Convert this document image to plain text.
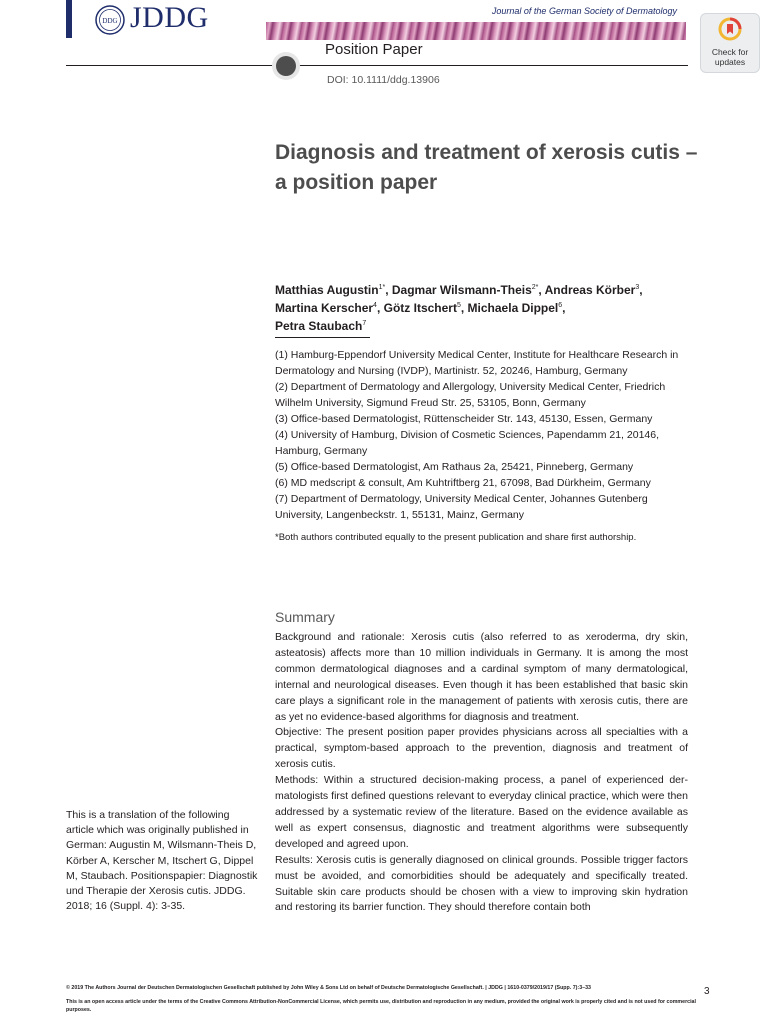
DDG JDDG	Journal of the German Society of Dermatology
Check for
updates
Position Paper
DOI: 10.1111/ddg.13906
Diagnosis and treatment of xerosis cutis – a position paper
Matthias Augustin$^{1*}$, Dagmar Wilsmann-Theis$^{2*}$, Andreas Körber$^3$,
Martina Kerscher$^4$, Götz Itschert$^5$, Michaela Dippel$^6$,
Petra Staubach$^7$
(1) Hamburg-Eppendorf University Medical Center, Institute for Healthcare Research in Dermatology and Nursing (IVDP), Martinistr. 52, 20246, Hamburg, Germany
(2) Department of Dermatology and Allergology, University Medical Center, Friedrich Wilhelm University, Sigmund Freud Str. 25, 53105, Bonn, Germany
(3) Office-based Dermatologist, Rüttenscheider Str. 143, 45130, Essen, Germany
(4) University of Hamburg, Division of Cosmetic Sciences, Papendamm 21, 20146, Hamburg, Germany
(5) Office-based Dermatologist, Am Rathaus 2a, 25421, Pinneberg, Germany
(6) MD medscript & consult, Am Kuhtriftberg 21, 67098, Bad Dürkheim, Germany
(7) Department of Dermatology, University Medical Center, Johannes Gutenberg University, Langenbeckstr. 1, 55131, Mainz, Germany
*Both authors contributed equally to the present publication and share first authorship.
Summary

Background and rationale: Xerosis cutis (also referred to as xeroderma, dry skin, asteatosis) affects more than 10 million individuals in Germany. It is among the most common dermatological diagnoses and a cardinal symptom of many dermatological, internal and neurological diseases. Even though it has been established that basic skin care plays a significant role in the management of patients with xerosis cutis, there are as yet no evidence-based algorithms for diagnosis and treatment.

Objective: The present position paper provides physicians across all specialties with a practical, symptom-based approach to the prevention, diagnosis and treatment of xerosis cutis.

Methods: Within a structured decision-making process, a panel of experienced dermatologists first defined questions relevant to everyday clinical practice, which were then addressed by a systematic review of the literature. Based on the evidence available as well as expert consensus, diagnostic and treatment algorithms were subsequently developed and agreed upon.

Results: Xerosis cutis is generally diagnosed on clinical grounds. Possible trigger factors must be avoided, and comorbidities should be adequately and specifically treated. Suitable skin care products should be chosen with a view to improving skin hydration and restoring its barrier function. They should therefore contain both

This is a translation of the following article which was originally published in German: Augustin M, Wilsmann-Theis D, Körber A, Kerscher M, Itschert G, Dippel M, Staubach. Positionspapier: Diagnostik und Therapie der Xerosis cutis. JDDG. 2018; 16 (Suppl. 4): 3-35.
© 2019 The Authors Journal der Deutschen Dermatologischen Gesellschaft published by John Wiley & Sons Ltd on behalf of Deutsche Dermatologische Gesellschaft. | JDDG | 1610-0379/2019/17 (Supp. 7):3–33
This is an open access article under the terms of the Creative Commons Attribution-NonCommercial License, which permits use, distribution and reproduction in any medium, provided the original work is properly cited and is not used for commercial purposes.
3
